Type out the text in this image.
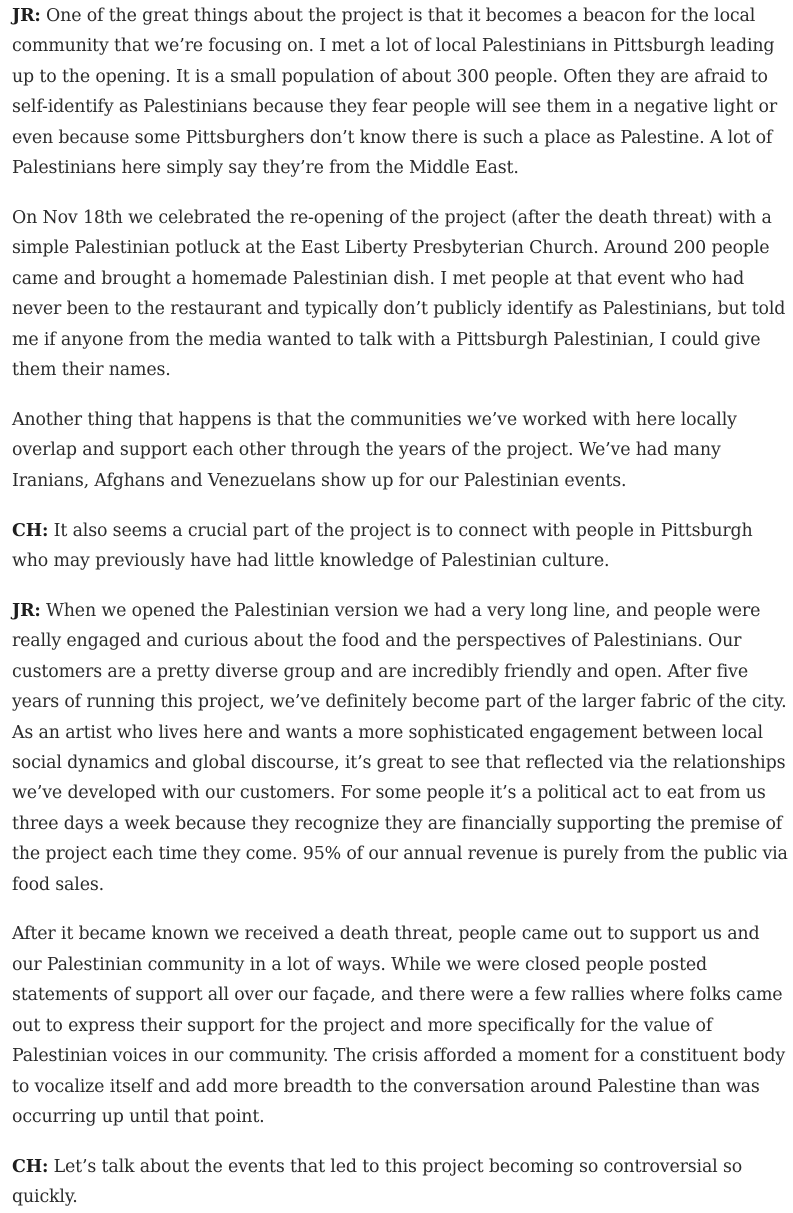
JR: One of the great things about the project is that it becomes a beacon for the local community that we’re focusing on. I met a lot of local Palestinians in Pittsburgh leading up to the opening. It is a small population of about 300 people. Often they are afraid to self-identify as Palestinians because they fear people will see them in a negative light or even because some Pittsburghers don’t know there is such a place as Palestine. A lot of Palestinians here simply say they’re from the Middle East.

On Nov 18th we celebrated the re-opening of the project (after the death threat) with a simple Palestinian potluck at the East Liberty Presbyterian Church. Around 200 people came and brought a homemade Palestinian dish. I met people at that event who had never been to the restaurant and typically don’t publicly identify as Palestinians, but told me if anyone from the media wanted to talk with a Pittsburgh Palestinian, I could give them their names.

Another thing that happens is that the communities we’ve worked with here locally overlap and support each other through the years of the project. We’ve had many Iranians, Afghans and Venezuelans show up for our Palestinian events.

CH: It also seems a crucial part of the project is to connect with people in Pittsburgh who may previously have had little knowledge of Palestinian culture.

JR: When we opened the Palestinian version we had a very long line, and people were really engaged and curious about the food and the perspectives of Palestinians. Our customers are a pretty diverse group and are incredibly friendly and open. After five years of running this project, we’ve definitely become part of the larger fabric of the city. As an artist who lives here and wants a more sophisticated engagement between local social dynamics and global discourse, it’s great to see that reflected via the relationships we’ve developed with our customers. For some people it’s a political act to eat from us three days a week because they recognize they are financially supporting the premise of the project each time they come. 95% of our annual revenue is purely from the public via food sales.

After it became known we received a death threat, people came out to support us and our Palestinian community in a lot of ways. While we were closed people posted statements of support all over our façade, and there were a few rallies where folks came out to express their support for the project and more specifically for the value of Palestinian voices in our community. The crisis afforded a moment for a constituent body to vocalize itself and add more breadth to the conversation around Palestine than was occurring up until that point.

CH: Let’s talk about the events that led to this project becoming so controversial so quickly.
